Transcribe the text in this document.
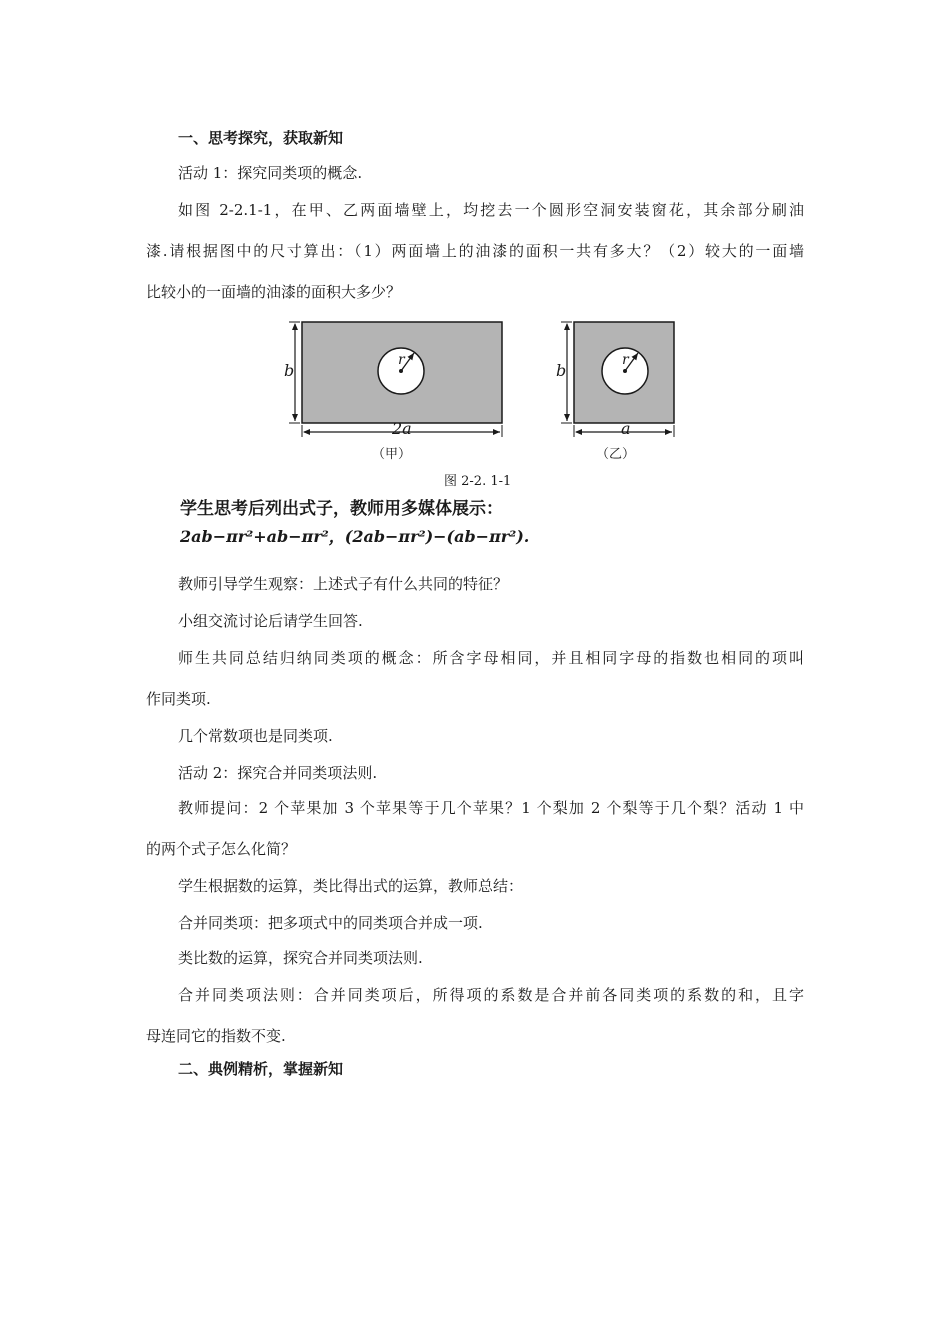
一、思考探究，获取新知
活动 1：探究同类项的概念.
如图 2-2.1-1，在甲、乙两面墙壁上，均挖去一个圆形空洞安装窗花，其余部分刷油
漆.请根据图中的尺寸算出：（1）两面墙上的油漆的面积一共有多大？（2）较大的一面墙
比较小的一面墙的油漆的面积大多少？
b
r
2a
（甲）
b
r
a
（乙）
图 2-2. 1-1
学生思考后列出式子，教师用多媒体展示：
2ab−πr²+ab−πr²，(2ab−πr²)−(ab−πr²).
教师引导学生观察：上述式子有什么共同的特征？
小组交流讨论后请学生回答.
师生共同总结归纳同类项的概念：所含字母相同，并且相同字母的指数也相同的项叫
作同类项.
几个常数项也是同类项.
活动 2：探究合并同类项法则.
教师提问：2 个苹果加 3 个苹果等于几个苹果？1 个梨加 2 个梨等于几个梨？活动 1 中
的两个式子怎么化简？
学生根据数的运算，类比得出式的运算，教师总结：
合并同类项：把多项式中的同类项合并成一项.
类比数的运算，探究合并同类项法则.
合并同类项法则：合并同类项后，所得项的系数是合并前各同类项的系数的和，且字
母连同它的指数不变.
二、典例精析，掌握新知
